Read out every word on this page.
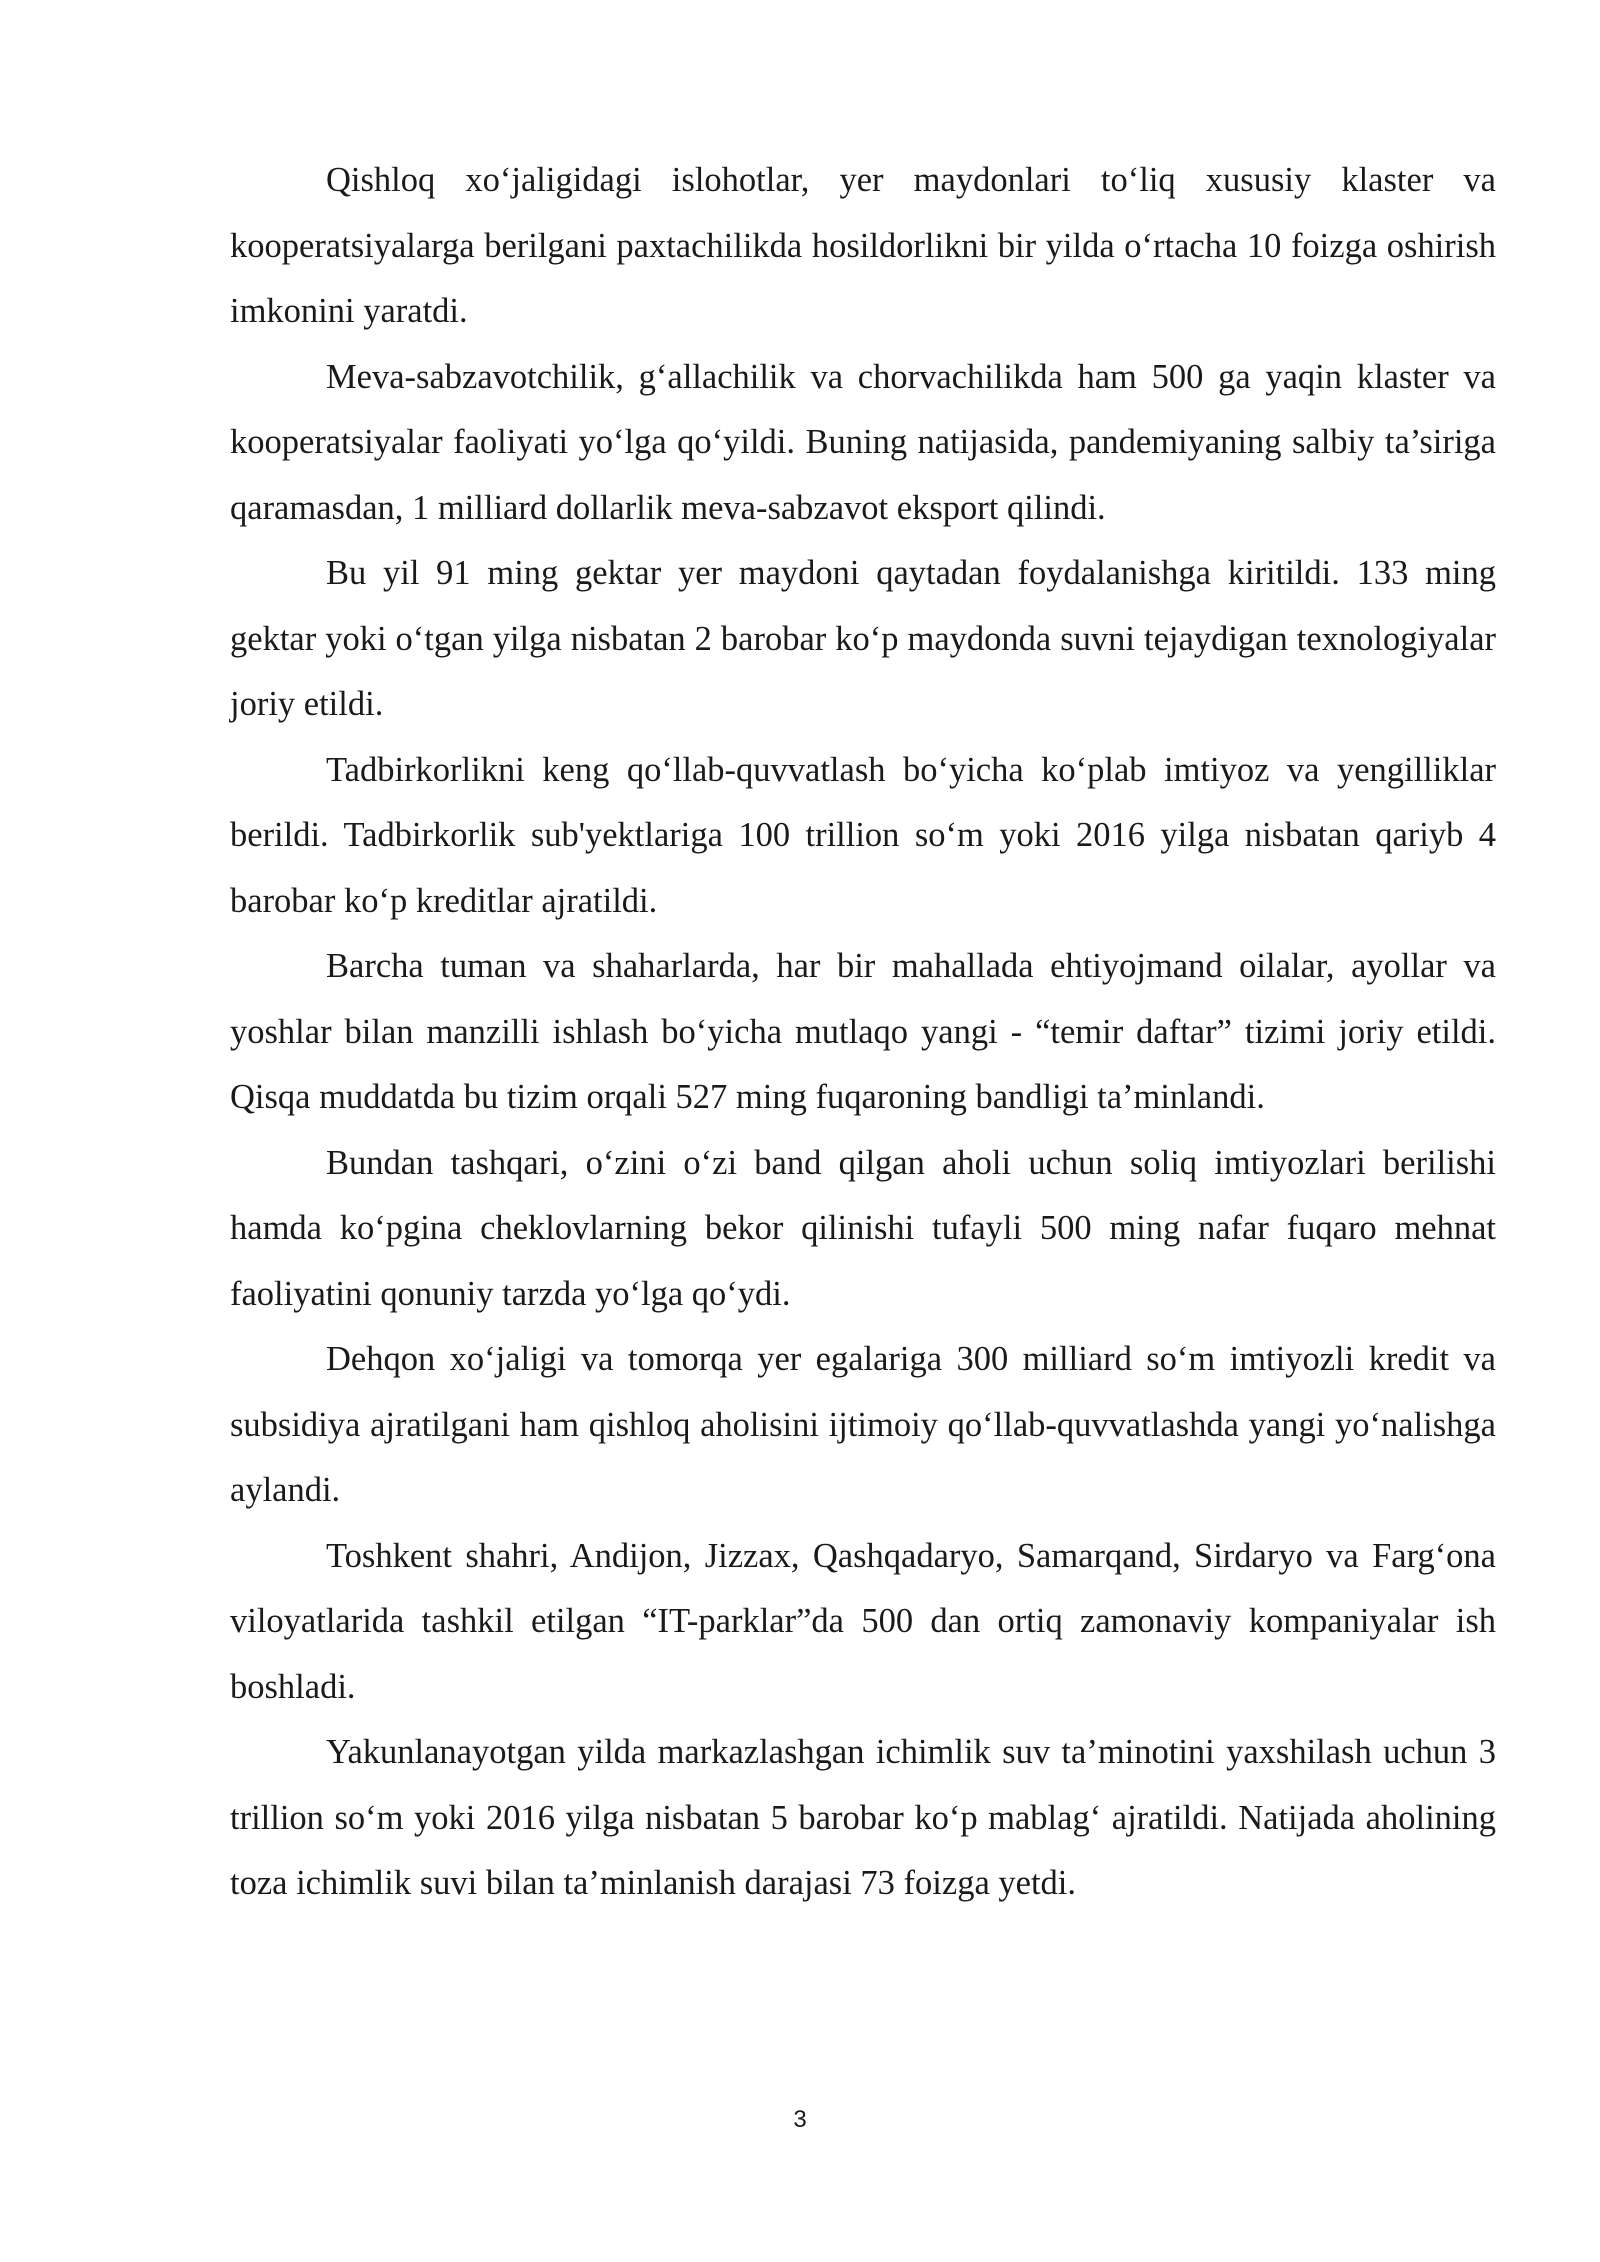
Qishloq xo‘jaligidagi islohotlar, yer maydonlari to‘liq xususiy klaster va kooperatsiyalarga berilgani paxtachilikda hosildorlikni bir yilda o‘rtacha 10 foizga oshirish imkonini yaratdi.

Meva-sabzavotchilik, g‘allachilik va chorvachilikda ham 500 ga yaqin klaster va kooperatsiyalar faoliyati yo‘lga qo‘yildi. Buning natijasida, pandemiyaning salbiy ta’siriga qaramasdan, 1 milliard dollarlik meva-sabzavot eksport qilindi.

Bu yil 91 ming gektar yer maydoni qaytadan foydalanishga kiritildi. 133 ming gektar yoki o‘tgan yilga nisbatan 2 barobar ko‘p maydonda suvni tejaydigan texnologiyalar joriy etildi.

Tadbirkorlikni keng qo‘llab-quvvatlash bo‘yicha ko‘plab imtiyoz va yengilliklar berildi. Tadbirkorlik sub'yektlariga 100 trillion so‘m yoki 2016 yilga nisbatan qariyb 4 barobar ko‘p kreditlar ajratildi.

Barcha tuman va shaharlarda, har bir mahallada ehtiyojmand oilalar, ayollar va yoshlar bilan manzilli ishlash bo‘yicha mutlaqo yangi - “temir daftar” tizimi joriy etildi. Qisqa muddatda bu tizim orqali 527 ming fuqaroning bandligi ta’minlandi.

Bundan tashqari, o‘zini o‘zi band qilgan aholi uchun soliq imtiyozlari berilishi hamda ko‘pgina cheklovlarning bekor qilinishi tufayli 500 ming nafar fuqaro mehnat faoliyatini qonuniy tarzda yo‘lga qo‘ydi.

Dehqon xo‘jaligi va tomorqa yer egalariga 300 milliard so‘m imtiyozli kredit va subsidiya ajratilgani ham qishloq aholisini ijtimoiy qo‘llab-quvvatlashda yangi yo‘nalishga aylandi.

Toshkent shahri, Andijon, Jizzax, Qashqadaryo, Samarqand, Sirdaryo va Farg‘ona viloyatlarida tashkil etilgan “IT-parklar”da 500 dan ortiq zamonaviy kompaniyalar ish boshladi.

Yakunlanayotgan yilda markazlashgan ichimlik suv ta’minotini yaxshilash uchun 3 trillion so‘m yoki 2016 yilga nisbatan 5 barobar ko‘p mablag‘ ajratildi. Natijada aholining toza ichimlik suvi bilan ta’minlanish darajasi 73 foizga yetdi.

3
